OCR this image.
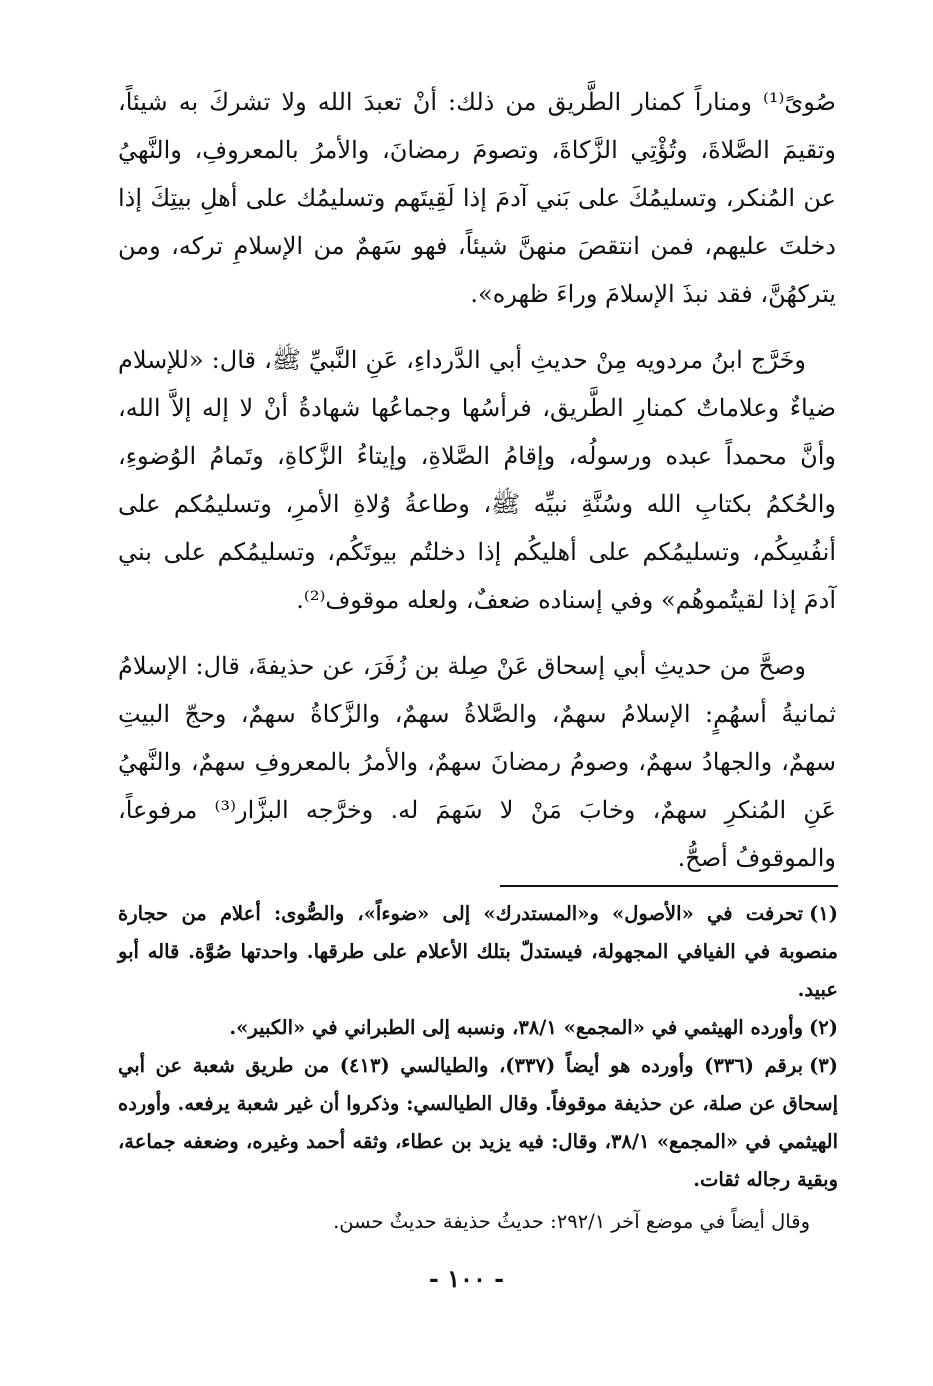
صُوىً⁽¹⁾ ومناراً كمنار الطَّريق من ذلك: أنْ تعبدَ الله ولا تشركَ به شيئاً، وتقيمَ الصَّلاةَ، وتُؤْتِي الزَّكاةَ، وتصومَ رمضانَ، والأمرُ بالمعروفِ، والنَّهيُ عن المُنكر، وتسليمُكَ على بَني آدمَ إذا لَقِيتَهم وتسليمُك على أهلِ بيتِكَ إذا دخلتَ عليهم، فمن انتقصَ منهنَّ شيئاً، فهو سَهمٌ من الإسلامِ تركه، ومن يتركهُنَّ، فقد نبذَ الإسلامَ وراءَ ظهره».

وخَرَّج ابنُ مردويه مِنْ حديثِ أبي الدَّرداءِ، عَنِ النَّبيِّ ﷺ، قال: «للإسلام ضياءٌ وعلاماتٌ كمنارِ الطَّريق، فرأسُها وجماعُها شهادةُ أنْ لا إله إلاَّ الله، وأنَّ محمداً عبده ورسولُه، وإقامُ الصَّلاةِ، وإيتاءُ الزَّكاةِ، وتَمامُ الوُضوءِ، والحُكمُ بكتابِ الله وسُنَّةِ نبيِّه ﷺ، وطاعةُ وُلاةِ الأمرِ، وتسليمُكم على أنفُسِكُم، وتسليمُكم على أهليكُم إذا دخلتُم بيوتَكُم، وتسليمُكم على بني آدمَ إذا لقيتُموهُم» وفي إسناده ضعفٌ، ولعله موقوف⁽²⁾.

وصحَّ من حديثِ أبي إسحاق عَنْ صِلة بن زُفَرَ، عن حذيفةَ، قال: الإسلامُ ثمانيةُ أسهُمٍ: الإسلامُ سهمٌ، والصَّلاةُ سهمٌ، والزَّكاةُ سهمٌ، وحجّ البيتِ سهمٌ، والجهادُ سهمٌ، وصومُ رمضانَ سهمٌ، والأمرُ بالمعروفِ سهمٌ، والنَّهيُ عَنِ المُنكرِ سهمٌ، وخابَ مَنْ لا سَهمَ له. وخرَّجه البزَّار⁽³⁾ مرفوعاً، والموقوفُ أصحُّ.

(١)تحرفت في «الأصول» و«المستدرك» إلى «ضوءاً»، والصُّوى: أعلام من حجارة منصوبة في الفيافي المجهولة، فيستدلّ بتلك الأعلام على طرقها. واحدتها صُوَّة. قاله أبو عبيد.

(٢)وأورده الهيثمي في «المجمع» ٣٨/١، ونسبه إلى الطبراني في «الكبير».

(٣)برقم (٣٣٦) وأورده هو أيضاً (٣٣٧)، والطيالسي (٤١٣) من طريق شعبة عن أبي إسحاق عن صلة، عن حذيفة موقوفاً. وقال الطيالسي: وذكروا أن غير شعبة يرفعه. وأورده الهيثمي في «المجمع» ٣٨/١، وقال: فيه يزيد بن عطاء، وثقه أحمد وغيره، وضعفه جماعة، وبقية رجاله ثقات.

وقال أيضاً في موضع آخر ٢٩٢/١: حديثُ حذيفة حديثٌ حسن.

- ١٠٠ -
